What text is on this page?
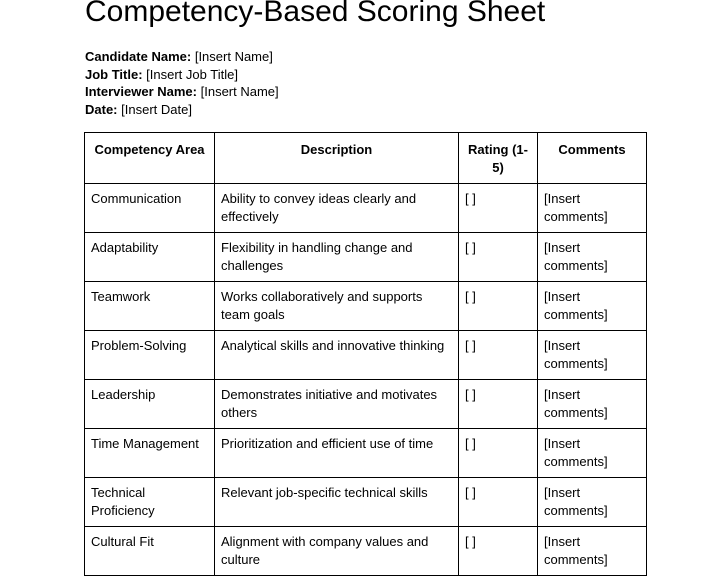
Competency-Based Scoring Sheet
Candidate Name: [Insert Name]
Job Title: [Insert Job Title]
Interviewer Name: [Insert Name]
Date: [Insert Date]
Competency Area	Description	Rating (1-5)	Comments
Communication	Ability to convey ideas clearly and effectively	[ ]	[Insert comments]
Adaptability	Flexibility in handling change and challenges	[ ]	[Insert comments]
Teamwork	Works collaboratively and supports team goals	[ ]	[Insert comments]
Problem-Solving	Analytical skills and innovative thinking	[ ]	[Insert comments]
Leadership	Demonstrates initiative and motivates others	[ ]	[Insert comments]
Time Management	Prioritization and efficient use of time	[ ]	[Insert comments]
Technical Proficiency	Relevant job-specific technical skills	[ ]	[Insert comments]
Cultural Fit	Alignment with company values and culture	[ ]	[Insert comments]
